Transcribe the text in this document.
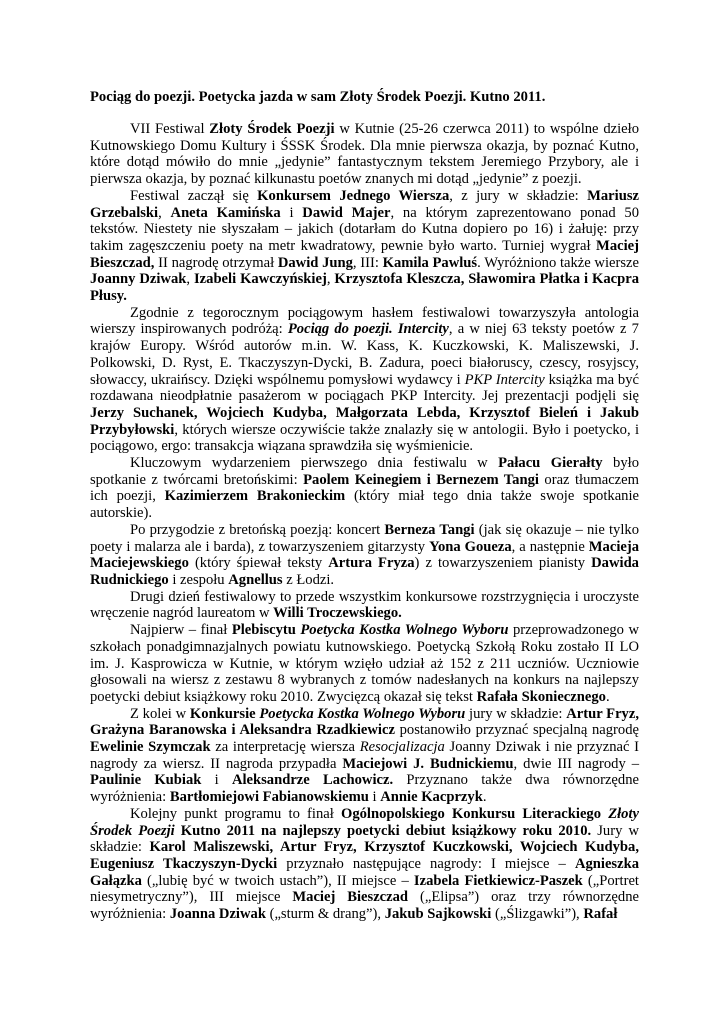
Pociąg do poezji. Poetycka jazda w sam Złoty Środek Poezji. Kutno 2011.

VII Festiwal Złoty Środek Poezji w Kutnie (25-26 czerwca 2011) to wspólne dzieło Kutnowskiego Domu Kultury i ŚSSK Środek. Dla mnie pierwsza okazja, by poznać Kutno, które dotąd mówiło do mnie „jedynie” fantastycznym tekstem Jeremiego Przybory, ale i pierwsza okazja, by poznać kilkunastu poetów znanych mi dotąd „jedynie” z poezji.

Festiwal zaczął się Konkursem Jednego Wiersza, z jury w składzie: Mariusz Grzebalski, Aneta Kamińska i Dawid Majer, na którym zaprezentowano ponad 50 tekstów. Niestety nie słyszałam – jakich (dotarłam do Kutna dopiero po 16) i żałuję: przy takim zagęszczeniu poety na metr kwadratowy, pewnie było warto. Turniej wygrał Maciej Bieszczad, II nagrodę otrzymał Dawid Jung, III: Kamila Pawluś. Wyróżniono także wiersze Joanny Dziwak, Izabeli Kawczyńskiej, Krzysztofa Kleszcza, Sławomira Płatka i Kacpra Płusy.

Zgodnie z tegorocznym pociągowym hasłem festiwalowi towarzyszyła antologia wierszy inspirowanych podróżą: Pociąg do poezji. Intercity, a w niej 63 teksty poetów z 7 krajów Europy. Wśród autorów m.in. W. Kass, K. Kuczkowski, K. Maliszewski, J. Polkowski, D. Ryst, E. Tkaczyszyn-Dycki, B. Zadura, poeci białoruscy, czescy, rosyjscy, słowaccy, ukraińscy. Dzięki wspólnemu pomysłowi wydawcy i PKP Intercity książka ma być rozdawana nieodpłatnie pasażerom w pociągach PKP Intercity. Jej prezentacji podjęli się Jerzy Suchanek, Wojciech Kudyba, Małgorzata Lebda, Krzysztof Bieleń i Jakub Przybyłowski, których wiersze oczywiście także znalazły się w antologii. Było i poetycko, i pociągowo, ergo: transakcja wiązana sprawdziła się wyśmienicie.

Kluczowym wydarzeniem pierwszego dnia festiwalu w Pałacu Gierałty było spotkanie z twórcami bretońskimi: Paolem Keinegiem i Bernezem Tangi oraz tłumaczem ich poezji, Kazimierzem Brakonieckim (który miał tego dnia także swoje spotkanie autorskie).

Po przygodzie z bretońską poezją: koncert Berneza Tangi (jak się okazuje – nie tylko poety i malarza ale i barda), z towarzyszeniem gitarzysty Yona Goueza, a następnie Macieja Maciejewskiego (który śpiewał teksty Artura Fryza) z towarzyszeniem pianisty Dawida Rudnickiego i zespołu Agnellus z Łodzi.

Drugi dzień festiwalowy to przede wszystkim konkursowe rozstrzygnięcia i uroczyste wręczenie nagród laureatom w Willi Troczewskiego.

Najpierw – finał Plebiscytu Poetycka Kostka Wolnego Wyboru przeprowadzonego w szkołach ponadgimnazjalnych powiatu kutnowskiego. Poetycką Szkołą Roku zostało II LO im. J. Kasprowicza w Kutnie, w którym wzięło udział aż 152 z 211 uczniów. Uczniowie głosowali na wiersz z zestawu 8 wybranych z tomów nadesłanych na konkurs na najlepszy poetycki debiut książkowy roku 2010. Zwycięzcą okazał się tekst Rafała Skoniecznego.

Z kolei w Konkursie Poetycka Kostka Wolnego Wyboru jury w składzie: Artur Fryz, Grażyna Baranowska i Aleksandra Rzadkiewicz postanowiło przyznać specjalną nagrodę Ewelinie Szymczak za interpretację wiersza Resocjalizacja Joanny Dziwak i nie przyznać I nagrody za wiersz. II nagroda przypadła Maciejowi J. Budnickiemu, dwie III nagrody – Paulinie Kubiak i Aleksandrze Lachowicz. Przyznano także dwa równorzędne wyróżnienia: Bartłomiejowi Fabianowskiemu i Annie Kacprzyk.

Kolejny punkt programu to finał Ogólnopolskiego Konkursu Literackiego Złoty Środek Poezji Kutno 2011 na najlepszy poetycki debiut książkowy roku 2010. Jury w składzie: Karol Maliszewski, Artur Fryz, Krzysztof Kuczkowski, Wojciech Kudyba, Eugeniusz Tkaczyszyn-Dycki przyznało następujące nagrody: I miejsce – Agnieszka Gałązka („lubię być w twoich ustach”), II miejsce – Izabela Fietkiewicz-Paszek („Portret niesymetryczny”), III miejsce Maciej Bieszczad („Elipsa”) oraz trzy równorzędne wyróżnienia: Joanna Dziwak („sturm & drang”), Jakub Sajkowski („Ślizgawki”), Rafał
